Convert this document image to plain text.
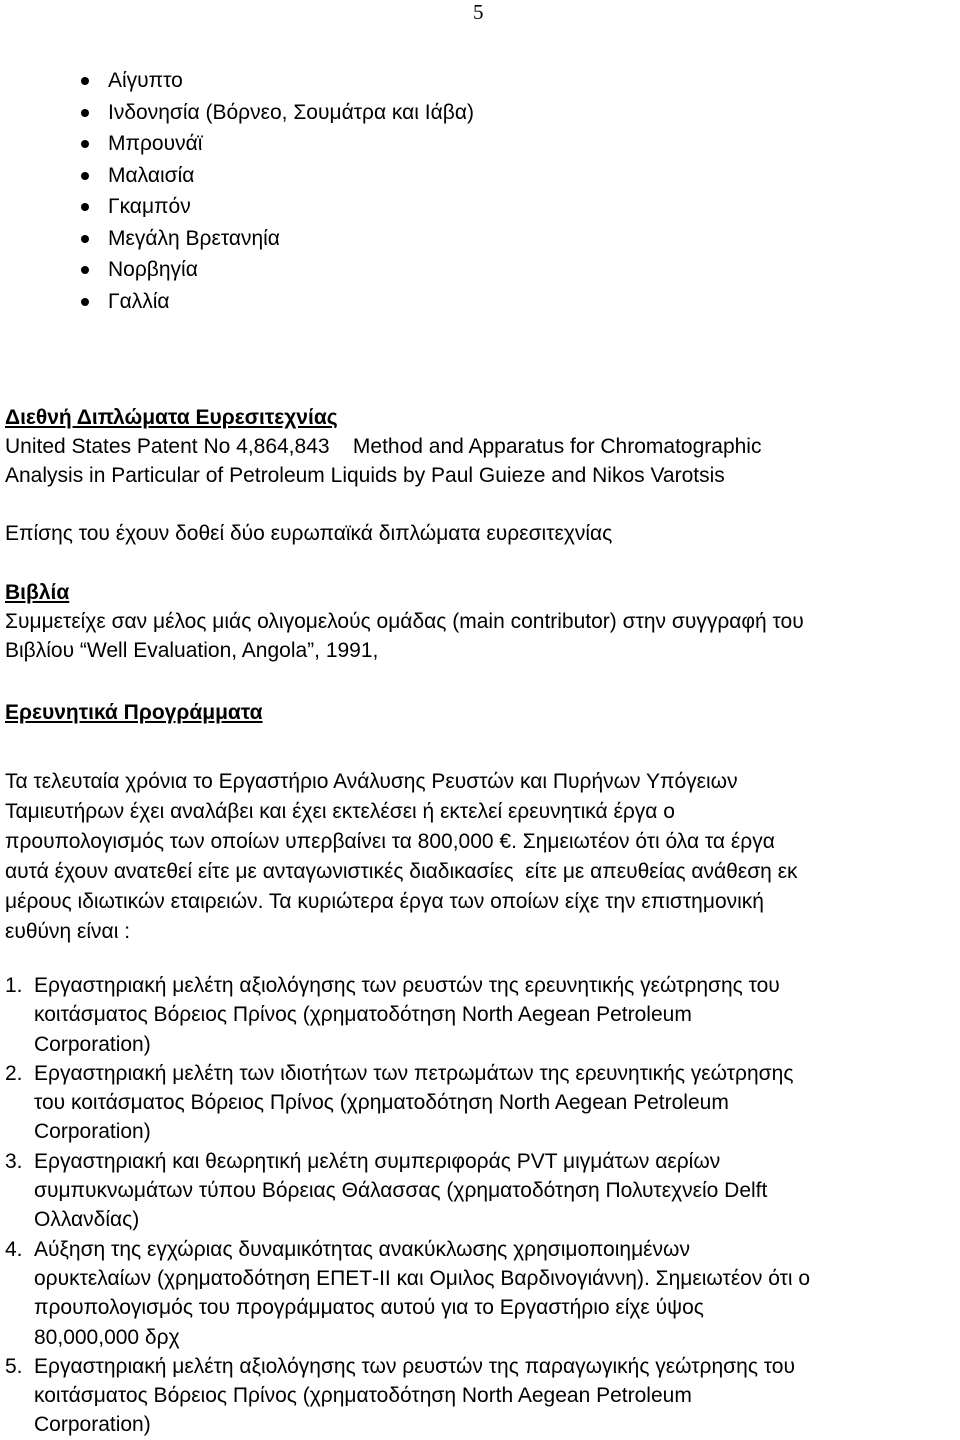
5
Αίγυπτο
Ινδονησία (Βόρνεο, Σουμάτρα και Ιάβα)
Μπρουνάϊ
Μαλαισία
Γκαμπόν
Μεγάλη Βρετανηία
Νορβηγία
Γαλλία
Διεθνή Διπλώματα Ευρεσιτεχνίας
United States Patent No 4,864,843    Method and Apparatus for Chromatographic
Analysis in Particular of Petroleum Liquids by Paul Guieze and Nikos Varotsis
Επίσης του έχουν δοθεί δύο ευρωπαϊκά διπλώματα ευρεσιτεχνίας
Βιβλία
Συμμετείχε σαν μέλος μιάς ολιγομελούς ομάδας (main contributor) στην συγγραφή του
Βιβλίου “Well Evaluation, Angola”, 1991,
Ερευνητικά Προγράμματα
Τα τελευταία χρόνια το Εργαστήριο Ανάλυσης Ρευστών και Πυρήνων Υπόγειων
Ταμιευτήρων έχει αναλάβει και έχει εκτελέσει ή εκτελεί ερευνητικά έργα ο
προυπολογισμός των οποίων υπερβαίνει τα 800,000 €. Σημειωτέον ότι όλα τα έργα
αυτά έχουν ανατεθεί είτε με ανταγωνιστικές διαδικασίες  είτε με απευθείας ανάθεση εκ
μέρους ιδιωτικών εταιρειών. Τα κυριώτερα έργα των οποίων είχε την επιστημονική
ευθύνη είναι :
1. Εργαστηριακή μελέτη αξιολόγησης των ρευστών της ερευνητικής γεώτρησης του
κοιτάσματος Βόρειος Πρίνος (χρηματοδότηση North Aegean Petroleum
Corporation)
2. Εργαστηριακή μελέτη των ιδιοτήτων των πετρωμάτων της ερευνητικής γεώτρησης
του κοιτάσματος Βόρειος Πρίνος (χρηματοδότηση North Aegean Petroleum
Corporation)
3. Εργαστηριακή και θεωρητική μελέτη συμπεριφοράς PVT μιγμάτων αερίων
συμπυκνωμάτων τύπου Βόρειας Θάλασσας (χρηματοδότηση Πολυτεχνείο Delft
Ολλανδίας)
4. Αύξηση της εγχώριας δυναμικότητας ανακύκλωσης χρησιμοποιημένων
ορυκτελαίων (χρηματοδότηση ΕΠΕΤ-ΙΙ και Ομιλος Βαρδινογιάννη). Σημειωτέον ότι ο
προυπολογισμός του προγράμματος αυτού για το Εργαστήριο είχε ύψος
80,000,000 δρχ
5. Εργαστηριακή μελέτη αξιολόγησης των ρευστών της παραγωγικής γεώτρησης του
κοιτάσματος Βόρειος Πρίνος (χρηματοδότηση North Aegean Petroleum
Corporation)
